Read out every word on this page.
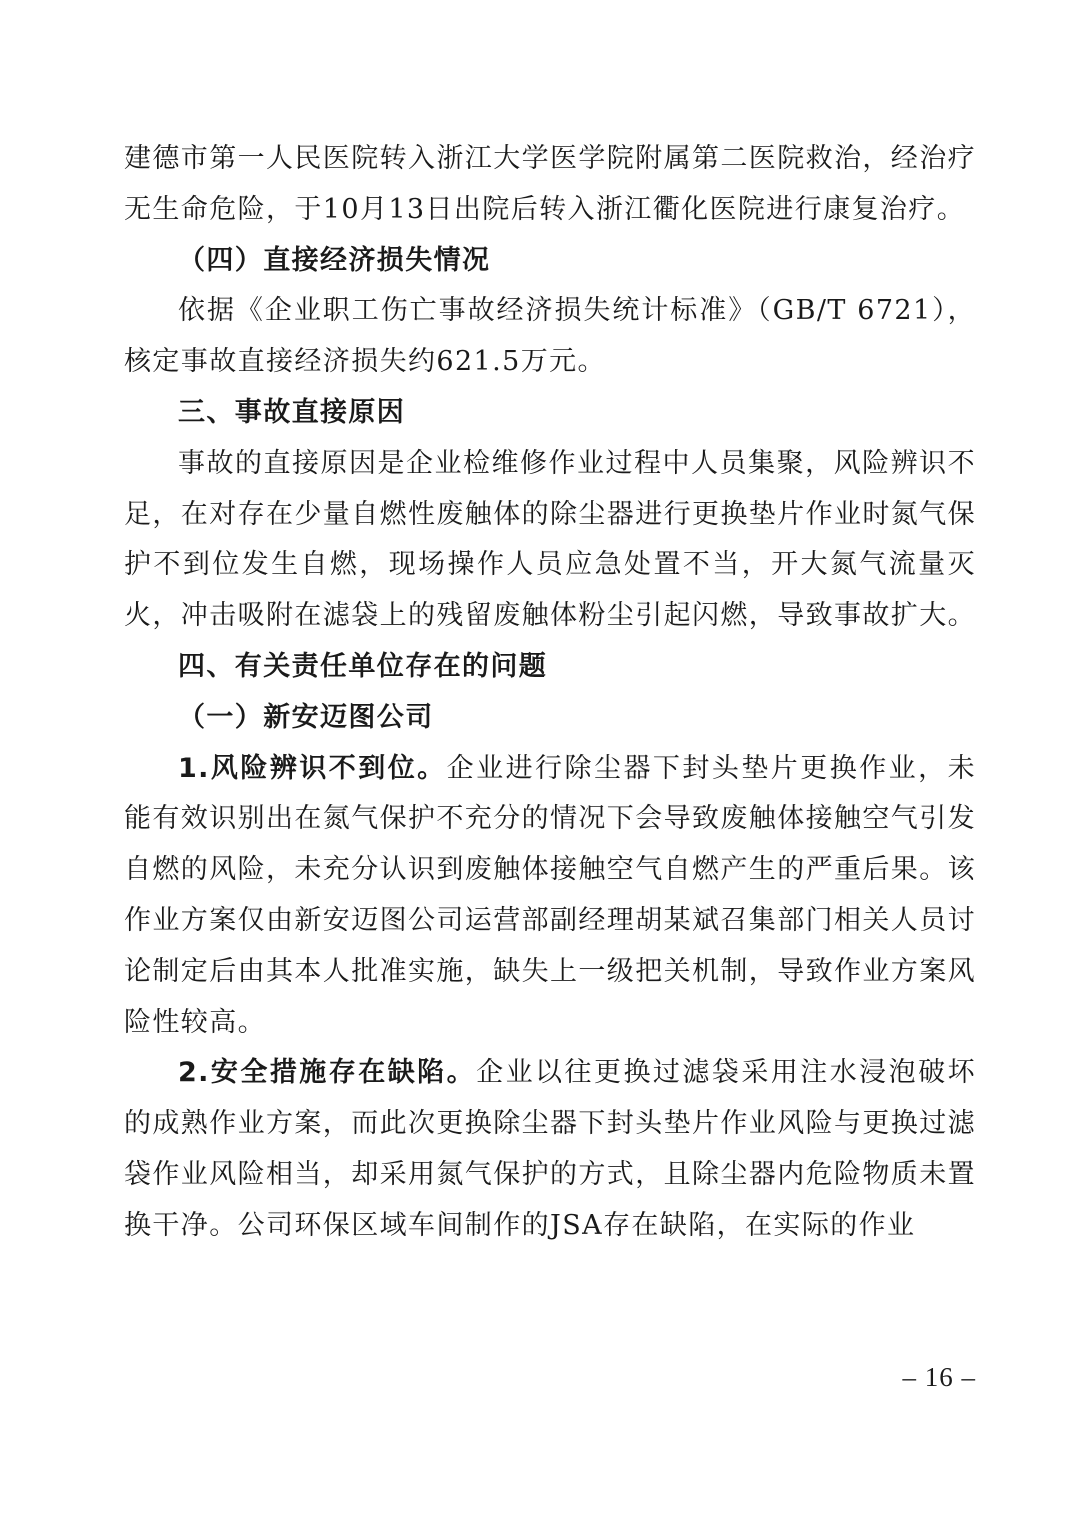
建德市第一人民医院转入浙江大学医学院附属第二医院救治，经治疗无生命危险，于10月13日出院后转入浙江衢化医院进行康复治疗。

（四）直接经济损失情况

依据《企业职工伤亡事故经济损失统计标准》（GB/T 6721），核定事故直接经济损失约621.5万元。

三、事故直接原因

事故的直接原因是企业检维修作业过程中人员集聚，风险辨识不足，在对存在少量自燃性废触体的除尘器进行更换垫片作业时氮气保护不到位发生自燃，现场操作人员应急处置不当，开大氮气流量灭火，冲击吸附在滤袋上的残留废触体粉尘引起闪燃，导致事故扩大。

四、有关责任单位存在的问题

（一）新安迈图公司

1.风险辨识不到位。企业进行除尘器下封头垫片更换作业，未能有效识别出在氮气保护不充分的情况下会导致废触体接触空气引发自燃的风险，未充分认识到废触体接触空气自燃产生的严重后果。该作业方案仅由新安迈图公司运营部副经理胡某斌召集部门相关人员讨论制定后由其本人批准实施，缺失上一级把关机制，导致作业方案风险性较高。

2.安全措施存在缺陷。企业以往更换过滤袋采用注水浸泡破坏的成熟作业方案，而此次更换除尘器下封头垫片作业风险与更换过滤袋作业风险相当，却采用氮气保护的方式，且除尘器内危险物质未置换干净。公司环保区域车间制作的JSA存在缺陷，在实际的作业

– 16 –
